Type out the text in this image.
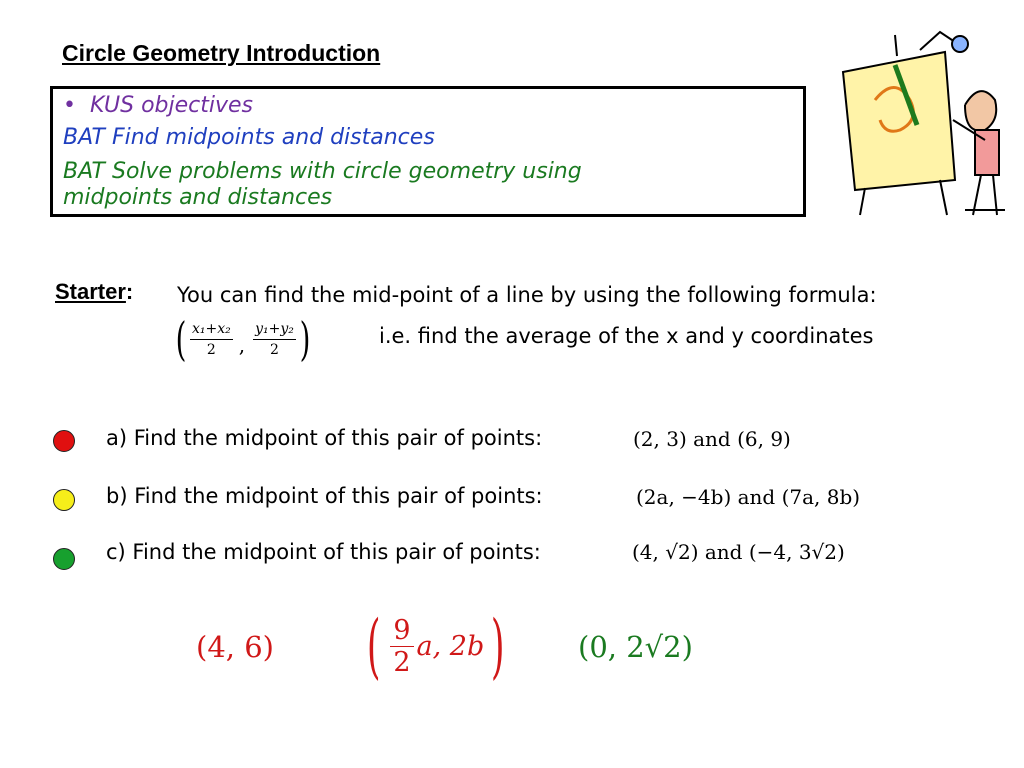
Circle Geometry Introduction
•  KUS objectives
BAT Find midpoints and distances
BAT Solve problems with circle geometry using
midpoints and distances
Starter: You can find the mid-point of a line by using the following formula:
( $\frac{\text{x₁+x₂}}{2}$ , $\frac{\text{y₁+y₂}}{2}$ )	i.e. find the average of the x and y coordinates
a) Find the midpoint of this pair of points:	(2, 3) and (6, 9)
b) Find the midpoint of this pair of points:	(2a, −4b) and (7a, 8b)
c) Find the midpoint of this pair of points:	(4, √2) and (−4, 3√2)
(4, 6) ( $\frac{9}{2} a$, 2b )	(0, 2√2)
